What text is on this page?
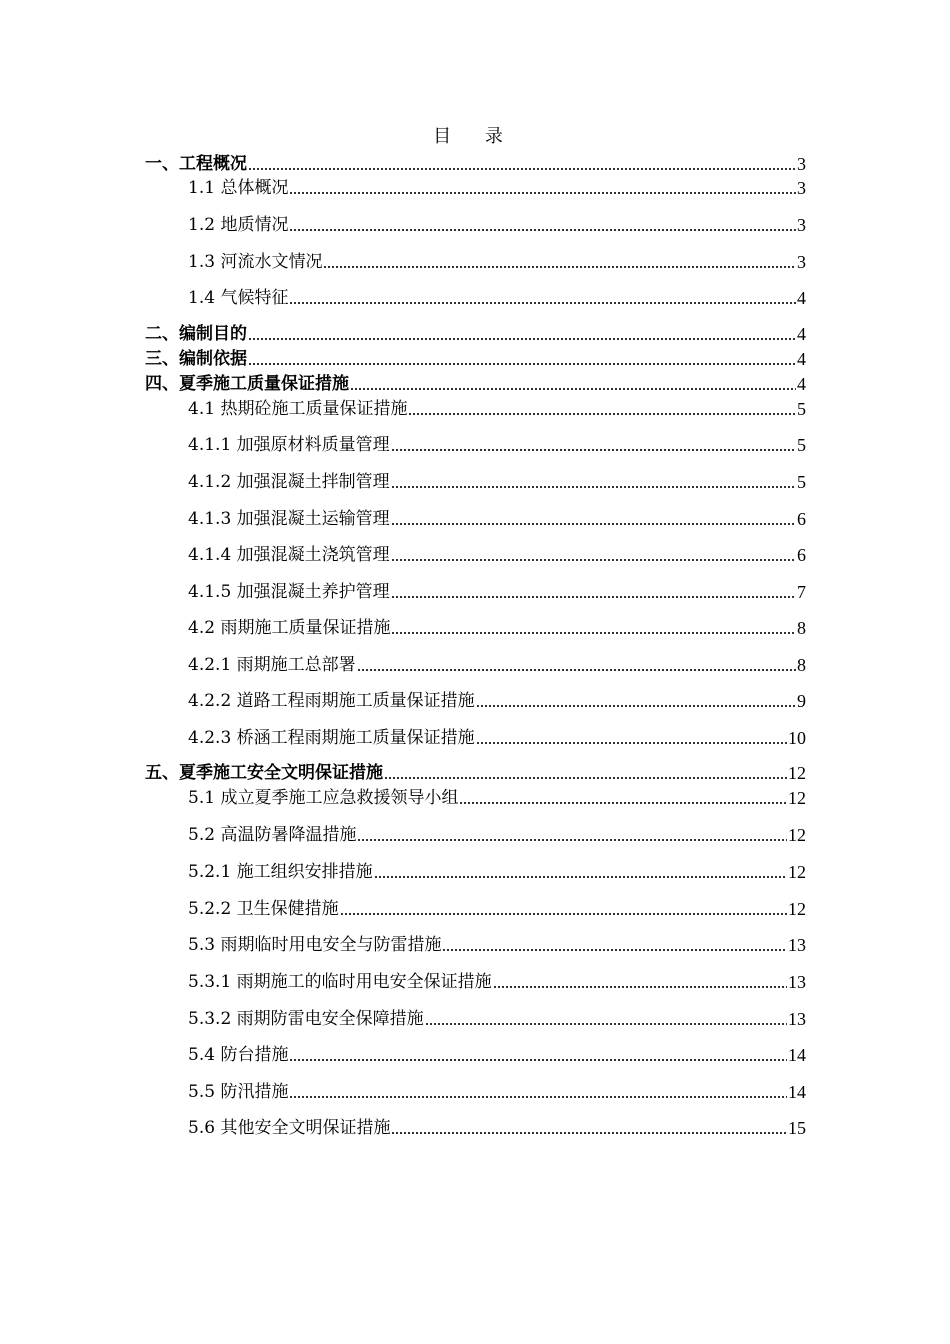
目 录
一、工程概况	3
1.1 总体概况	3
1.2 地质情况	3
1.3 河流水文情况	3
1.4 气候特征	4
二、编制目的	4
三、编制依据	4
四、夏季施工质量保证措施	4
4.1 热期砼施工质量保证措施	5
4.1.1 加强原材料质量管理	5
4.1.2 加强混凝土拌制管理	5
4.1.3 加强混凝土运输管理	6
4.1.4 加强混凝土浇筑管理	6
4.1.5 加强混凝土养护管理	7
4.2 雨期施工质量保证措施	8
4.2.1 雨期施工总部署	8
4.2.2 道路工程雨期施工质量保证措施	9
4.2.3 桥涵工程雨期施工质量保证措施	10
五、夏季施工安全文明保证措施	12
5.1 成立夏季施工应急救援领导小组	12
5.2 高温防暑降温措施	12
5.2.1 施工组织安排措施	12
5.2.2 卫生保健措施	12
5.3 雨期临时用电安全与防雷措施	13
5.3.1 雨期施工的临时用电安全保证措施	13
5.3.2 雨期防雷电安全保障措施	13
5.4 防台措施	14
5.5 防汛措施	14
5.6 其他安全文明保证措施	15
